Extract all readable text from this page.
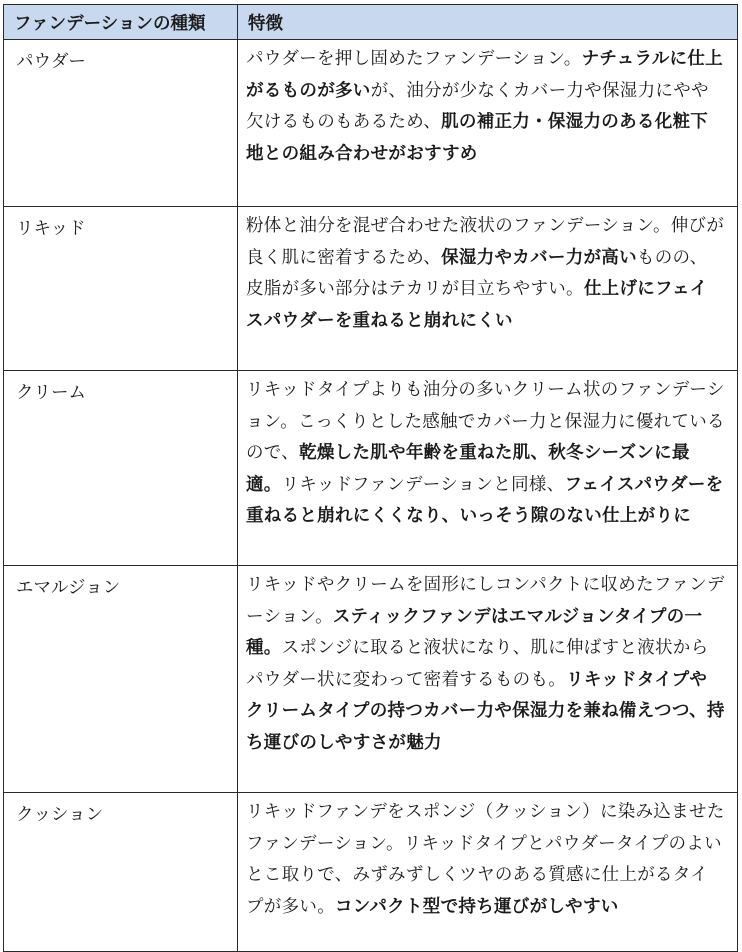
ファンデーションの種類	特徴
パウダー	パウダーを押し固めたファンデーション。ナチュラルに仕上がるものが多いが、油分が少なくカバー力や保湿力にやや欠けるものもあるため、肌の補正力・保湿力のある化粧下地との組み合わせがおすすめ
リキッド	粉体と油分を混ぜ合わせた液状のファンデーション。伸びが良く肌に密着するため、保湿力やカバー力が高いものの、皮脂が多い部分はテカリが目立ちやすい。仕上げにフェイスパウダーを重ねると崩れにくい
クリーム	リキッドタイプよりも油分の多いクリーム状のファンデーション。こっくりとした感触でカバー力と保湿力に優れているので、乾燥した肌や年齢を重ねた肌、秋冬シーズンに最適。リキッドファンデーションと同様、フェイスパウダーを重ねると崩れにくくなり、いっそう隙のない仕上がりに
エマルジョン	リキッドやクリームを固形にしコンパクトに収めたファンデーション。スティックファンデはエマルジョンタイプの一種。スポンジに取ると液状になり、肌に伸ばすと液状からパウダー状に変わって密着するものも。リキッドタイプやクリームタイプの持つカバー力や保湿力を兼ね備えつつ、持ち運びのしやすさが魅力
クッション	リキッドファンデをスポンジ（クッション）に染み込ませたファンデーション。リキッドタイプとパウダータイプのよいとこ取りで、みずみずしくツヤのある質感に仕上がるタイプが多い。コンパクト型で持ち運びがしやすい
